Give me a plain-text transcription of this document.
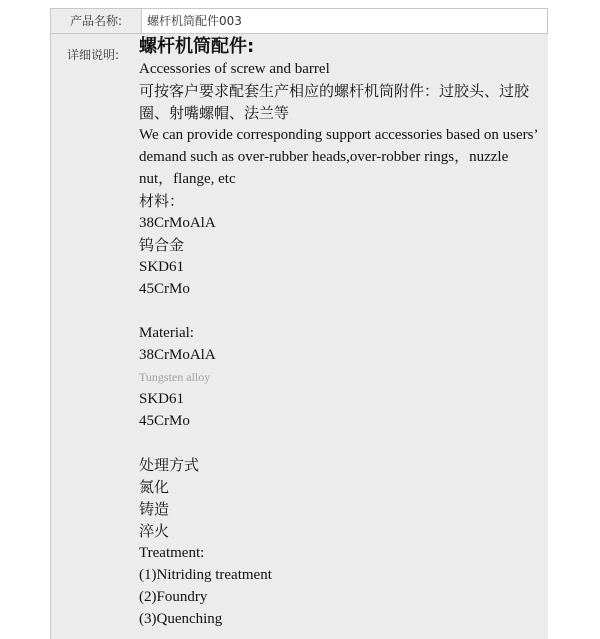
产品名称:	螺杆机筒配件003
详细说明: 螺杆机筒配件:

Accessories of screw and barrel

可按客户要求配套生产相应的螺杆机筒附件：过胶头、过胶圈、射嘴螺帽、法兰等

We can provide corresponding support accessories based on users’ demand such as over-rubber heads,over-robber rings，nuzzle nut，flange, etc

材料：

38CrMoAlA

钨合金

SKD61

45CrMo

Material:

38CrMoAlA

Tungsten alloy

SKD61

45CrMo

处理方式

氮化

铸造

淬火

Treatment:

(1)Nitriding treatment

(2)Foundry

(3)Quenching
